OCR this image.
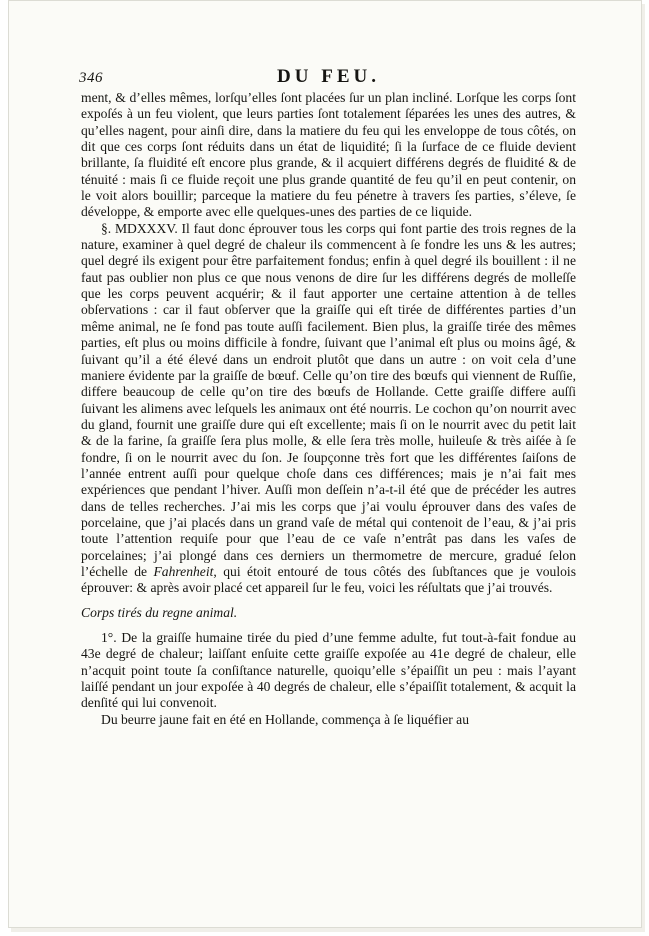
346	DU FEU.

ment, & d’elles mêmes, lorſqu’elles ſont placées ſur un plan incliné. Lorſque les corps ſont expoſés à un feu violent, que leurs parties ſont totalement ſéparées les unes des autres, & qu’elles nagent, pour ainſi dire, dans la matiere du feu qui les enveloppe de tous côtés, on dit que ces corps ſont réduits dans un état de liquidité; ſi la ſurface de ce fluide devient brillante, ſa fluidité eſt encore plus grande, & il acquiert différens degrés de fluidité & de ténuité : mais ſi ce fluide reçoit une plus grande quantité de feu qu’il en peut contenir, on le voit alors bouillir; parceque la matiere du feu pénetre à travers ſes parties, s’éleve, ſe développe, & emporte avec elle quelques-unes des parties de ce liquide.

§. MDXXXV. Il faut donc éprouver tous les corps qui font partie des trois regnes de la nature, examiner à quel degré de chaleur ils commencent à ſe fondre les uns & les autres; quel degré ils exigent pour être parfaitement fondus; enfin à quel degré ils bouillent : il ne faut pas oublier non plus ce que nous venons de dire ſur les différens degrés de molleſſe que les corps peuvent acquérir; & il faut apporter une certaine attention à de telles obſervations : car il faut obſerver que la graiſſe qui eſt tirée de différentes parties d’un même animal, ne ſe fond pas toute auſſi facilement. Bien plus, la graiſſe tirée des mêmes parties, eſt plus ou moins difficile à fondre, ſuivant que l’animal eſt plus ou moins âgé, & ſuivant qu’il a été élevé dans un endroit plutôt que dans un autre : on voit cela d’une maniere évidente par la graiſſe de bœuf. Celle qu’on tire des bœufs qui viennent de Ruſſie, differe beaucoup de celle qu’on tire des bœufs de Hollande. Cette graiſſe differe auſſi ſuivant les alimens avec leſquels les animaux ont été nourris. Le cochon qu’on nourrit avec du gland, fournit une graiſſe dure qui eſt excellente; mais ſi on le nourrit avec du petit lait & de la farine, ſa graiſſe ſera plus molle, & elle ſera très molle, huileuſe & très aiſée à ſe fondre, ſi on le nourrit avec du ſon. Je ſoupçonne très fort que les différentes ſaiſons de l’année entrent auſſi pour quelque choſe dans ces différences; mais je n’ai fait mes expériences que pendant l’hiver. Auſſi mon deſſein n’a-t-il été que de précéder les autres dans de telles recherches. J’ai mis les corps que j’ai voulu éprouver dans des vaſes de porcelaine, que j’ai placés dans un grand vaſe de métal qui contenoit de l’eau, & j’ai pris toute l’attention requiſe pour que l’eau de ce vaſe n’entrât pas dans les vaſes de porcelaines; j’ai plongé dans ces derniers un thermometre de mercure, gradué ſelon l’échelle de Fahrenheit, qui étoit entouré de tous côtés des ſubſtances que je voulois éprouver: & après avoir placé cet appareil ſur le feu, voici les réſultats que j’ai trouvés.

Corps tirés du regne animal.

1°. De la graiſſe humaine tirée du pied d’une femme adulte, fut tout-à-fait fondue au 43e degré de chaleur; laiſſant enſuite cette graiſſe expoſée au 41e degré de chaleur, elle n’acquit point toute ſa conſiſtance naturelle, quoiqu’elle s’épaiſſit un peu : mais l’ayant laiſſé pendant un jour expoſée à 40 degrés de chaleur, elle s’épaiſſit totalement, & acquit la denſité qui lui convenoit.

Du beurre jaune fait en été en Hollande, commença à ſe liquéfier au
